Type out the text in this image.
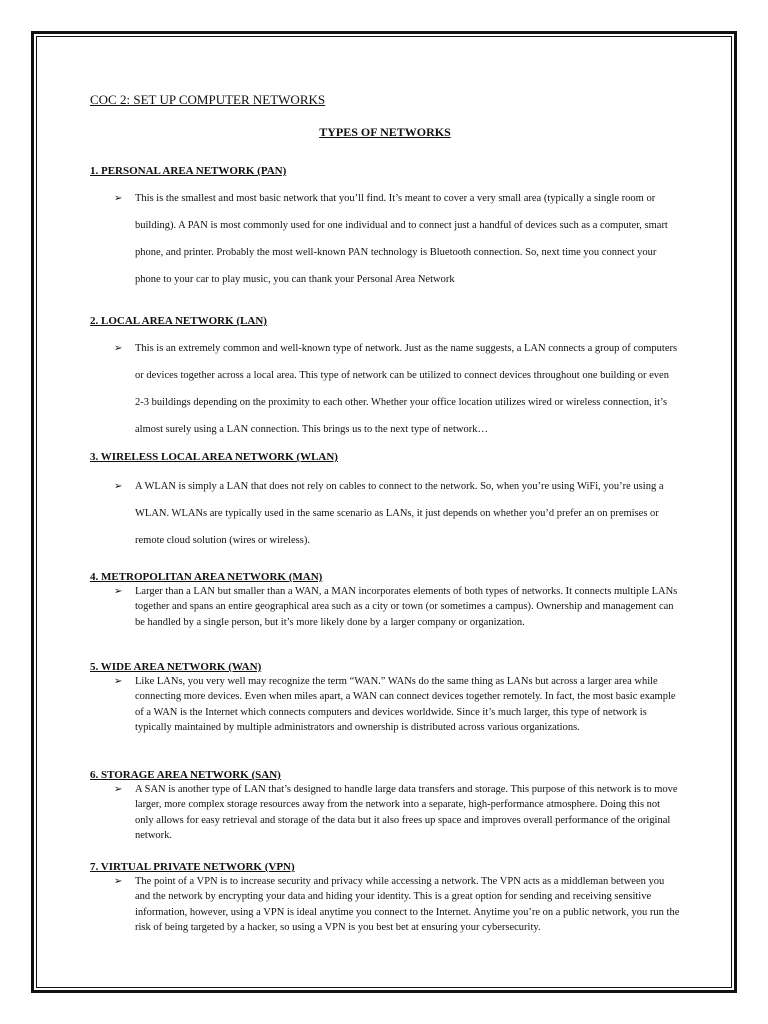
COC 2: SET UP COMPUTER NETWORKS
TYPES OF NETWORKS
1. PERSONAL AREA NETWORK (PAN)

➢ This is the smallest and most basic network that you’ll find. It’s meant to cover a very small area (typically a single room or building). A PAN is most commonly used for one individual and to connect just a handful of devices such as a computer, smart phone, and printer. Probably the most well-known PAN technology is Bluetooth connection. So, next time you connect your phone to your car to play music, you can thank your Personal Area Network

2. LOCAL AREA NETWORK (LAN)

➢ This is an extremely common and well-known type of network. Just as the name suggests, a LAN connects a group of computers or devices together across a local area. This type of network can be utilized to connect devices throughout one building or even 2-3 buildings depending on the proximity to each other. Whether your office location utilizes wired or wireless connection, it’s almost surely using a LAN connection. This brings us to the next type of network…

3. WIRELESS LOCAL AREA NETWORK (WLAN)

➢ A WLAN is simply a LAN that does not rely on cables to connect to the network. So, when you’re using WiFi, you’re using a WLAN. WLANs are typically used in the same scenario as LANs, it just depends on whether you’d prefer an on premises or remote cloud solution (wires or wireless).

4. METROPOLITAN AREA NETWORK (MAN)

➢ Larger than a LAN but smaller than a WAN, a MAN incorporates elements of both types of networks. It connects multiple LANs together and spans an entire geographical area such as a city or town (or sometimes a campus). Ownership and management can be handled by a single person, but it’s more likely done by a larger company or organization.

5. WIDE AREA NETWORK (WAN)

➢ Like LANs, you very well may recognize the term “WAN.” WANs do the same thing as LANs but across a larger area while connecting more devices. Even when miles apart, a WAN can connect devices together remotely. In fact, the most basic example of a WAN is the Internet which connects computers and devices worldwide. Since it’s much larger, this type of network is typically maintained by multiple administrators and ownership is distributed across various organizations.

6. STORAGE AREA NETWORK (SAN)

➢ A SAN is another type of LAN that’s designed to handle large data transfers and storage. This purpose of this network is to move larger, more complex storage resources away from the network into a separate, high-performance atmosphere. Doing this not only allows for easy retrieval and storage of the data but it also frees up space and improves overall performance of the original network.

7. VIRTUAL PRIVATE NETWORK (VPN)

➢ The point of a VPN is to increase security and privacy while accessing a network. The VPN acts as a middleman between you and the network by encrypting your data and hiding your identity. This is a great option for sending and receiving sensitive information, however, using a VPN is ideal anytime you connect to the Internet. Anytime you’re on a public network, you run the risk of being targeted by a hacker, so using a VPN is you best bet at ensuring your cybersecurity.
